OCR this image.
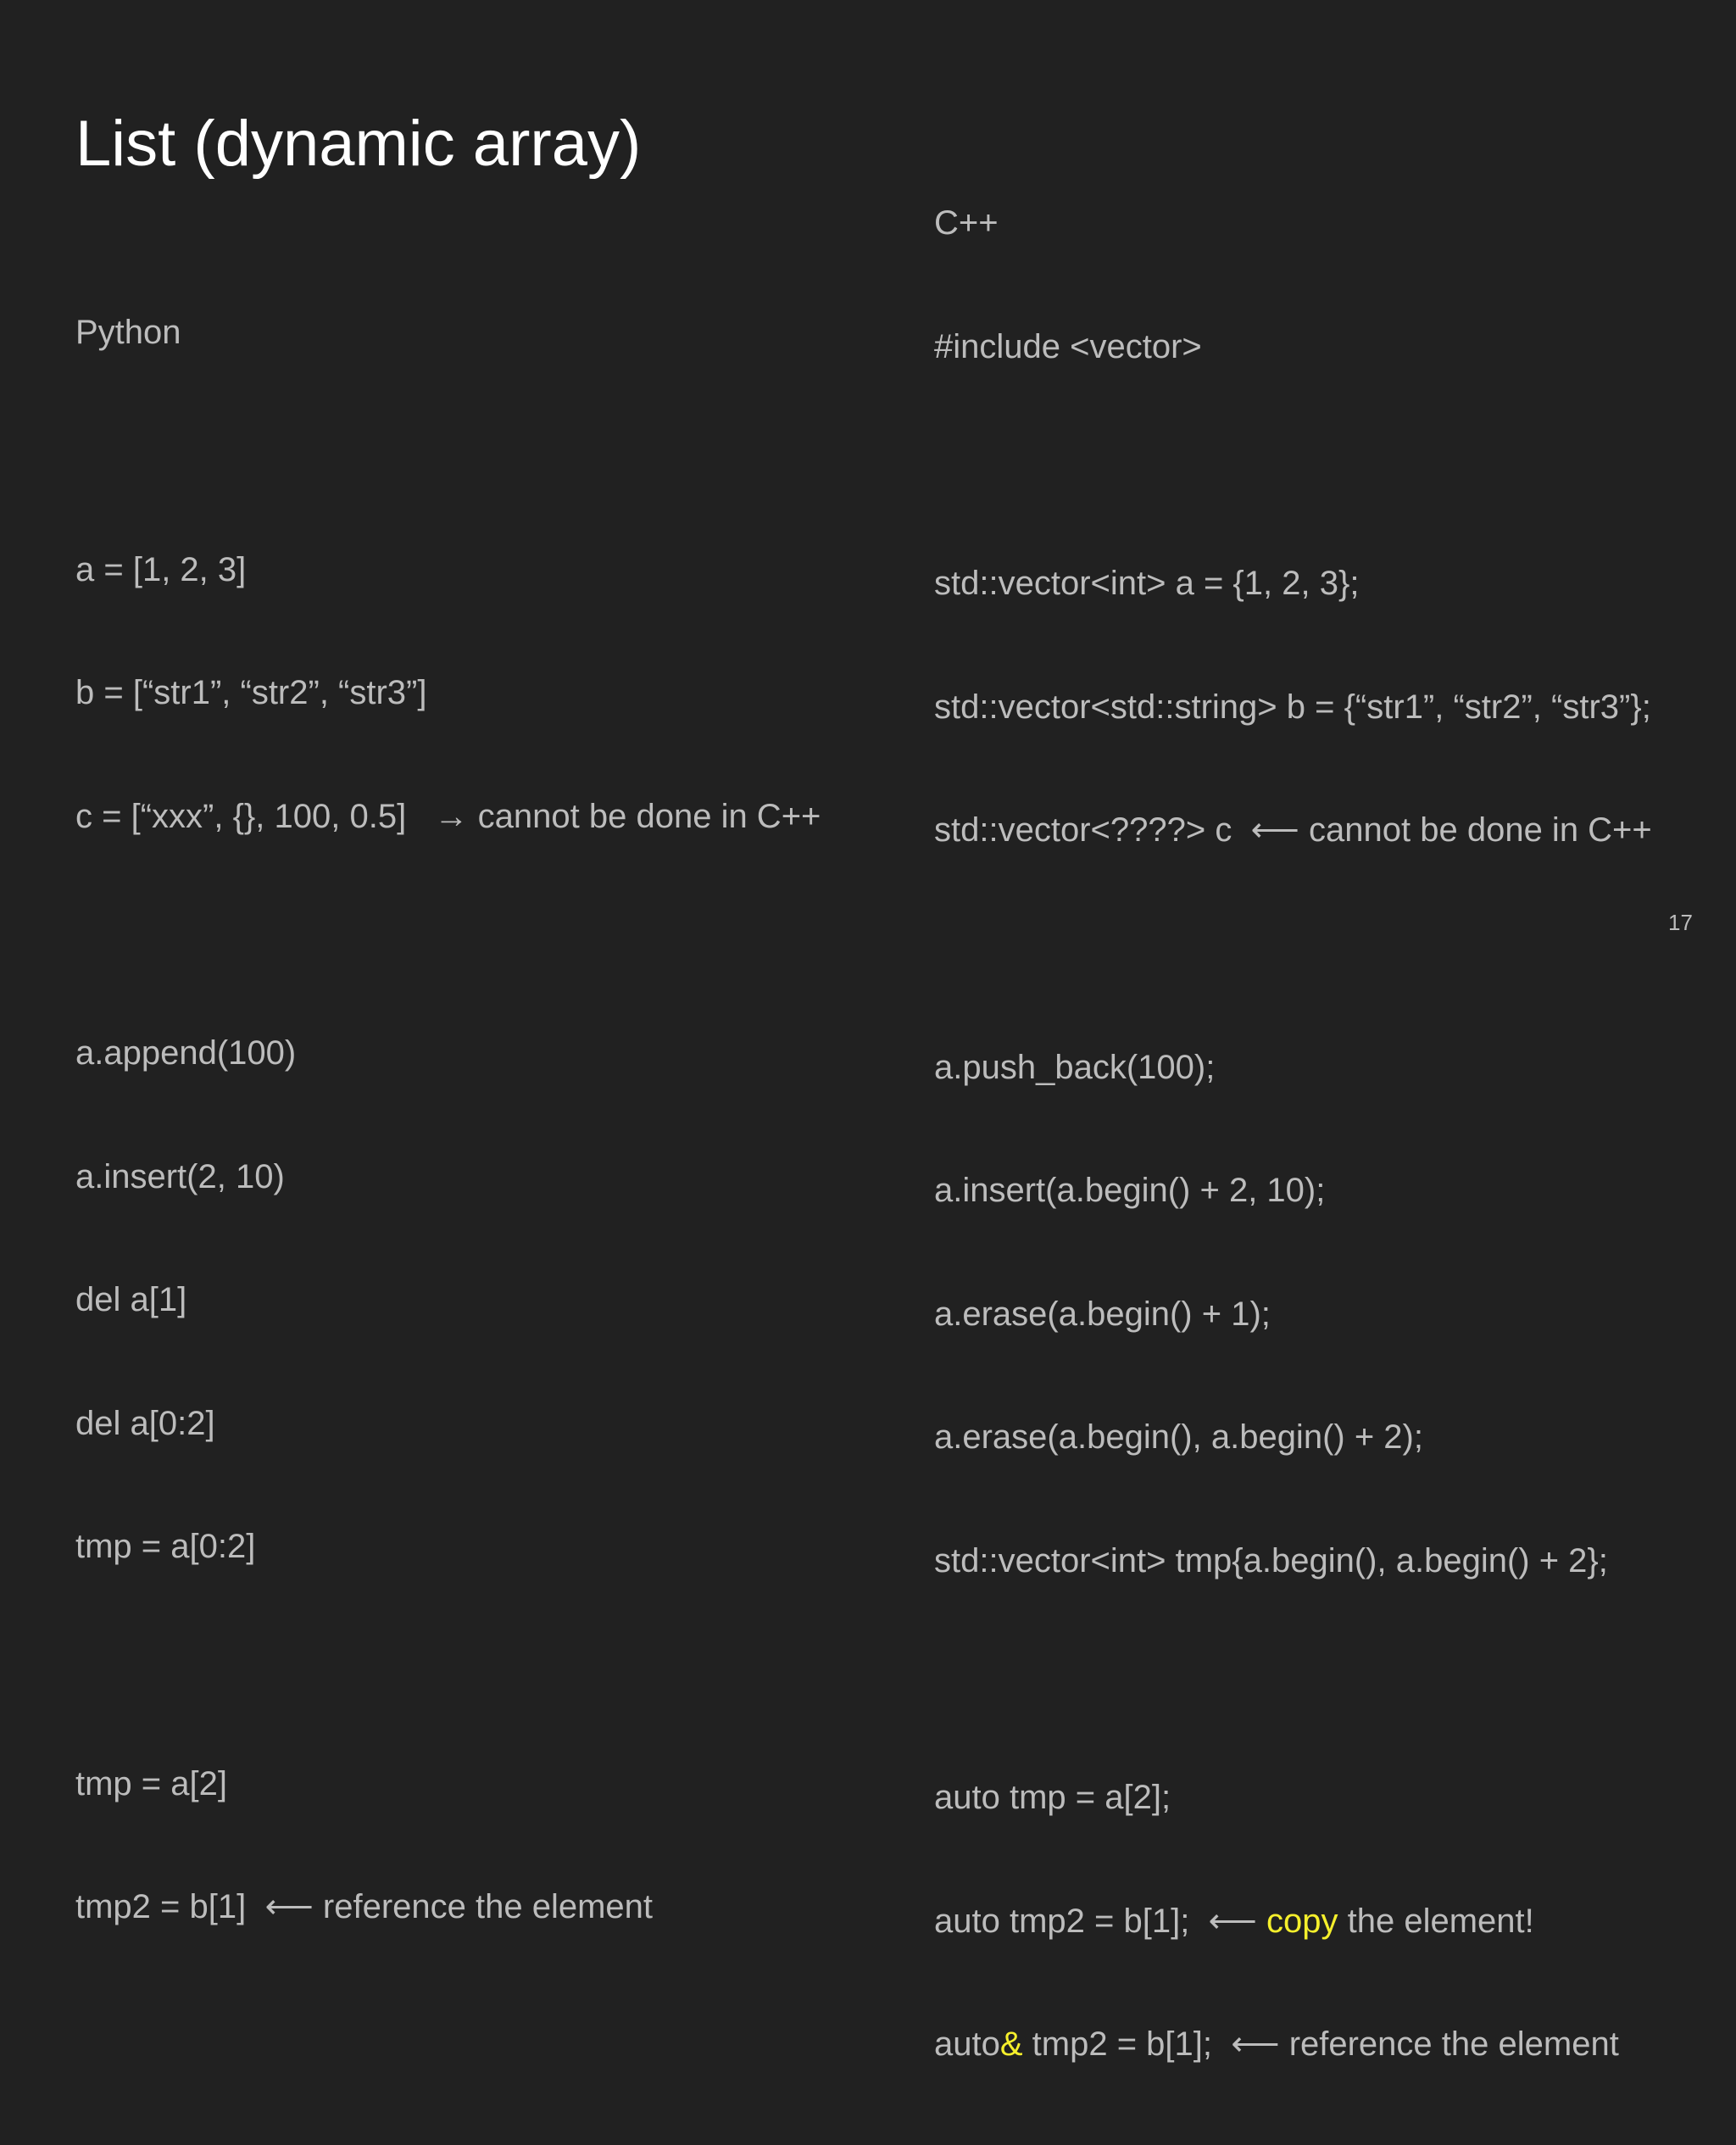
List (dynamic array)

Python

a = [1, 2, 3]

b = [“str1”, “str2”, “str3”]

c = [“xxx”, {}, 100, 0.5]   → cannot be done in C++

a.append(100)

a.insert(2, 10)

del a[1]

del a[0:2]

tmp = a[0:2]

tmp = a[2]

tmp2 = b[1]  ⟵ reference the element

C++

#include <vector>

std::vector<int> a = {1, 2, 3};

std::vector<std::string> b = {“str1”, “str2”, “str3”};

std::vector<????> c  ⟵ cannot be done in C++

a.push_back(100);

a.insert(a.begin() + 2, 10);

a.erase(a.begin() + 1);

a.erase(a.begin(), a.begin() + 2);

std::vector<int> tmp{a.begin(), a.begin() + 2};

auto tmp = a[2];

auto tmp2 = b[1];  ⟵ copy the element!

auto& tmp2 = b[1];  ⟵ reference the element

17
